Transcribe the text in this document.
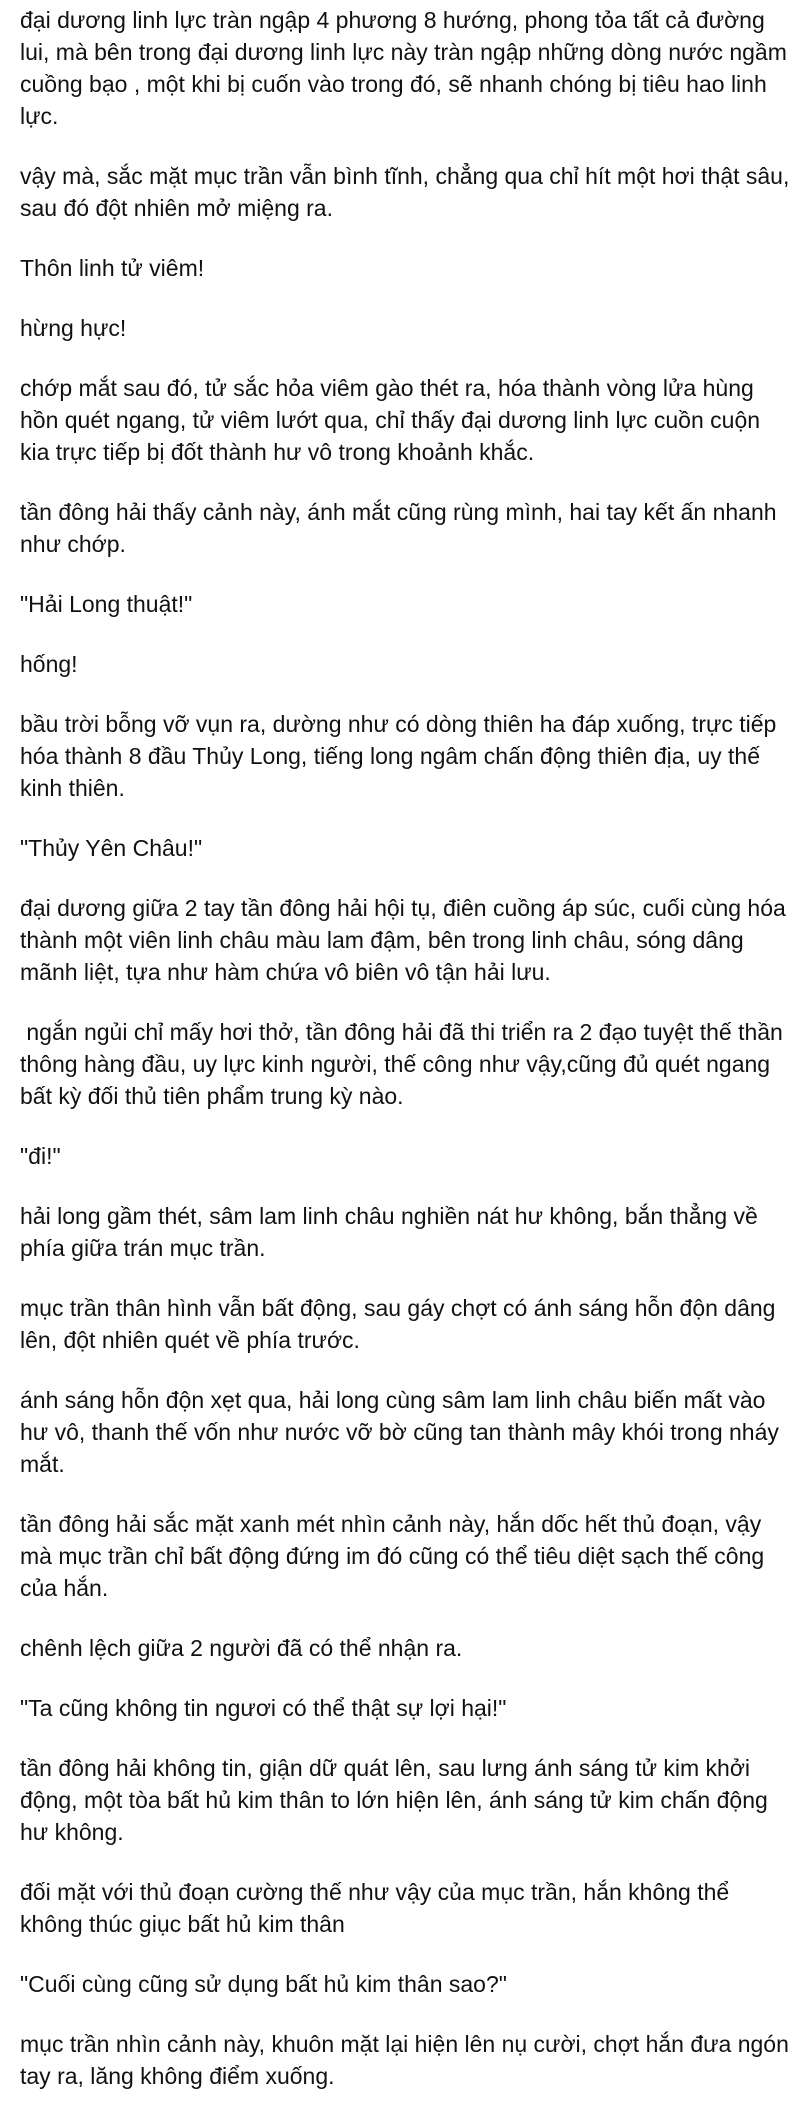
đại dương linh lực tràn ngập 4 phương 8 hướng, phong tỏa tất cả đường lui, mà bên trong đại dương linh lực này tràn ngập những dòng nước ngầm cuồng bạo , một khi bị cuốn vào trong đó, sẽ nhanh chóng bị tiêu hao linh lực.

vậy mà, sắc mặt mục trần vẫn bình tĩnh, chẳng qua chỉ hít một hơi thật sâu, sau đó đột nhiên mở miệng ra.

Thôn linh tử viêm!

hừng hực!

chớp mắt sau đó, tử sắc hỏa viêm gào thét ra, hóa thành vòng lửa hùng hồn quét ngang, tử viêm lướt qua, chỉ thấy đại dương linh lực cuồn cuộn kia trực tiếp bị đốt thành hư vô trong khoảnh khắc.

tần đông hải thấy cảnh này, ánh mắt cũng rùng mình, hai tay kết ấn nhanh như chớp.

"Hải Long thuật!"

hống!

bầu trời bỗng vỡ vụn ra, dường như có dòng thiên ha đáp xuống, trực tiếp hóa thành 8 đầu Thủy Long, tiếng long ngâm chấn động thiên địa, uy thế kinh thiên.

"Thủy Yên Châu!"

đại dương giữa 2 tay tần đông hải hội tụ, điên cuồng áp súc, cuối cùng hóa thành một viên linh châu màu lam đậm, bên trong linh châu, sóng dâng mãnh liệt, tựa như hàm chứa vô biên vô tận hải lưu.

ngắn ngủi chỉ mấy hơi thở, tần đông hải đã thi triển ra 2 đạo tuyệt thế thần thông hàng đầu, uy lực kinh người, thế công như vậy,cũng đủ quét ngang bất kỳ đối thủ tiên phẩm trung kỳ nào.

"đi!"

hải long gầm thét, sâm lam linh châu nghiền nát hư không, bắn thẳng về phía giữa trán mục trần.

mục trần thân hình vẫn bất động, sau gáy chợt có ánh sáng hỗn độn dâng lên, đột nhiên quét về phía trước.

ánh sáng hỗn độn xẹt qua, hải long cùng sâm lam linh châu biến mất vào hư vô, thanh thế vốn như nước vỡ bờ cũng tan thành mây khói trong nháy mắt.

tần đông hải sắc mặt xanh mét nhìn cảnh này, hắn dốc hết thủ đoạn, vậy mà mục trần chỉ bất động đứng im đó cũng có thể tiêu diệt sạch thế công của hắn.

chênh lệch giữa 2 người đã có thể nhận ra.

"Ta cũng không tin ngươi có thể thật sự lợi hại!"

tần đông hải không tin, giận dữ quát lên, sau lưng ánh sáng tử kim khởi động, một tòa bất hủ kim thân to lớn hiện lên, ánh sáng tử kim chấn động hư không.

đối mặt với thủ đoạn cường thế như vậy của mục trần, hắn không thể không thúc giục bất hủ kim thân

"Cuối cùng cũng sử dụng bất hủ kim thân sao?"

mục trần nhìn cảnh này, khuôn mặt lại hiện lên nụ cười, chợt hắn đưa ngón tay ra, lăng không điểm xuống.
